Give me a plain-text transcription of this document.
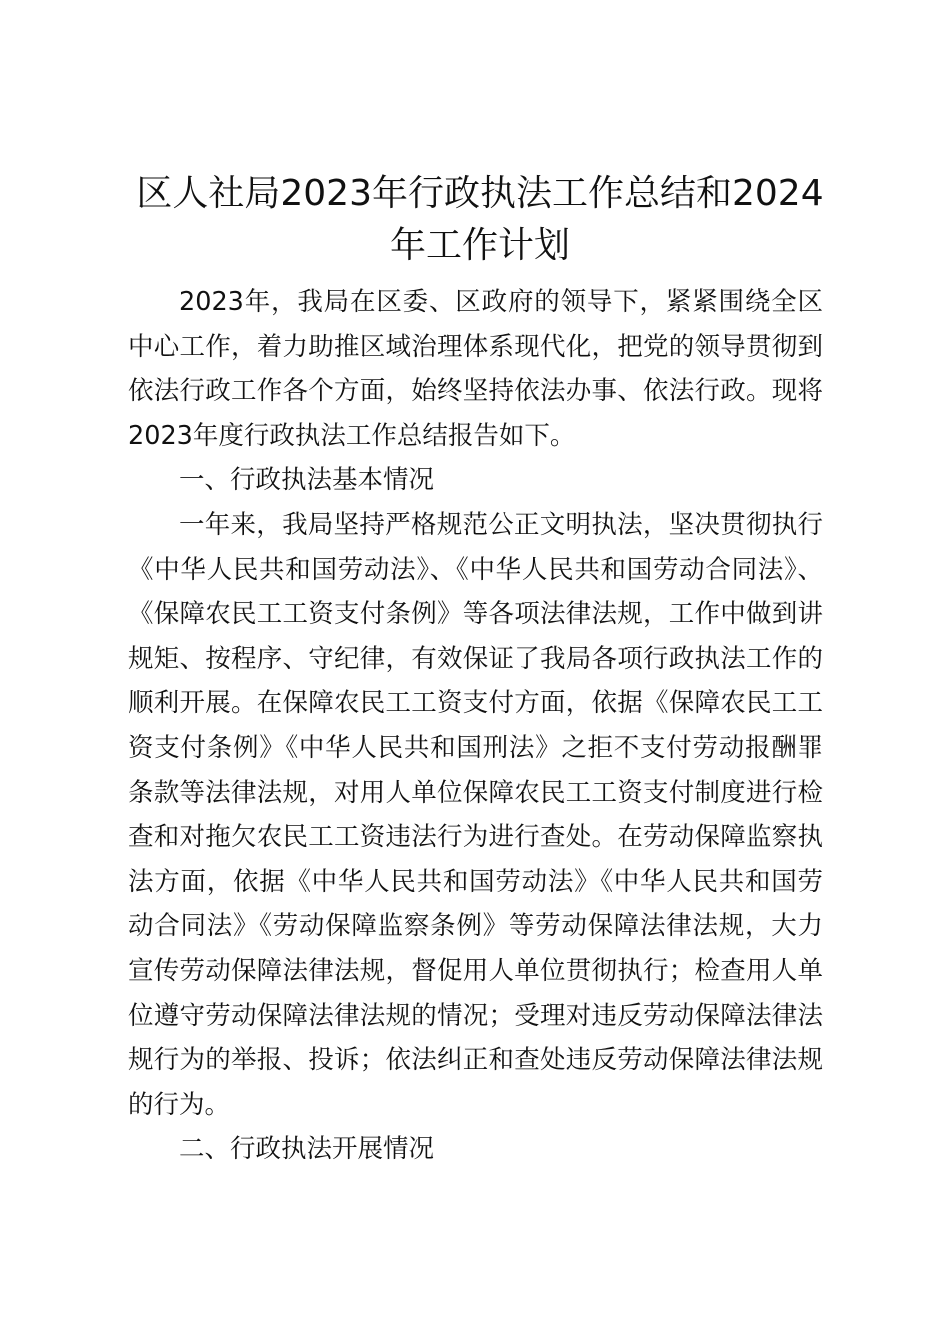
区人社局2023年行政执法工作总结和2024年工作计划

2023年，我局在区委、区政府的领导下，紧紧围绕全区中心工作，着力助推区域治理体系现代化，把党的领导贯彻到依法行政工作各个方面，始终坚持依法办事、依法行政。现将2023年度行政执法工作总结报告如下。

一、行政执法基本情况

一年来，我局坚持严格规范公正文明执法，坚决贯彻执行《中华人民共和国劳动法》、《中华人民共和国劳动合同法》、《保障农民工工资支付条例》等各项法律法规，工作中做到讲规矩、按程序、守纪律，有效保证了我局各项行政执法工作的顺利开展。在保障农民工工资支付方面，依据《保障农民工工资支付条例》《中华人民共和国刑法》之拒不支付劳动报酬罪条款等法律法规，对用人单位保障农民工工资支付制度进行检查和对拖欠农民工工资违法行为进行查处。在劳动保障监察执法方面，依据《中华人民共和国劳动法》《中华人民共和国劳动合同法》《劳动保障监察条例》等劳动保障法律法规，大力宣传劳动保障法律法规，督促用人单位贯彻执行；检查用人单位遵守劳动保障法律法规的情况；受理对违反劳动保障法律法规行为的举报、投诉；依法纠正和查处违反劳动保障法律法规的行为。

二、行政执法开展情况
